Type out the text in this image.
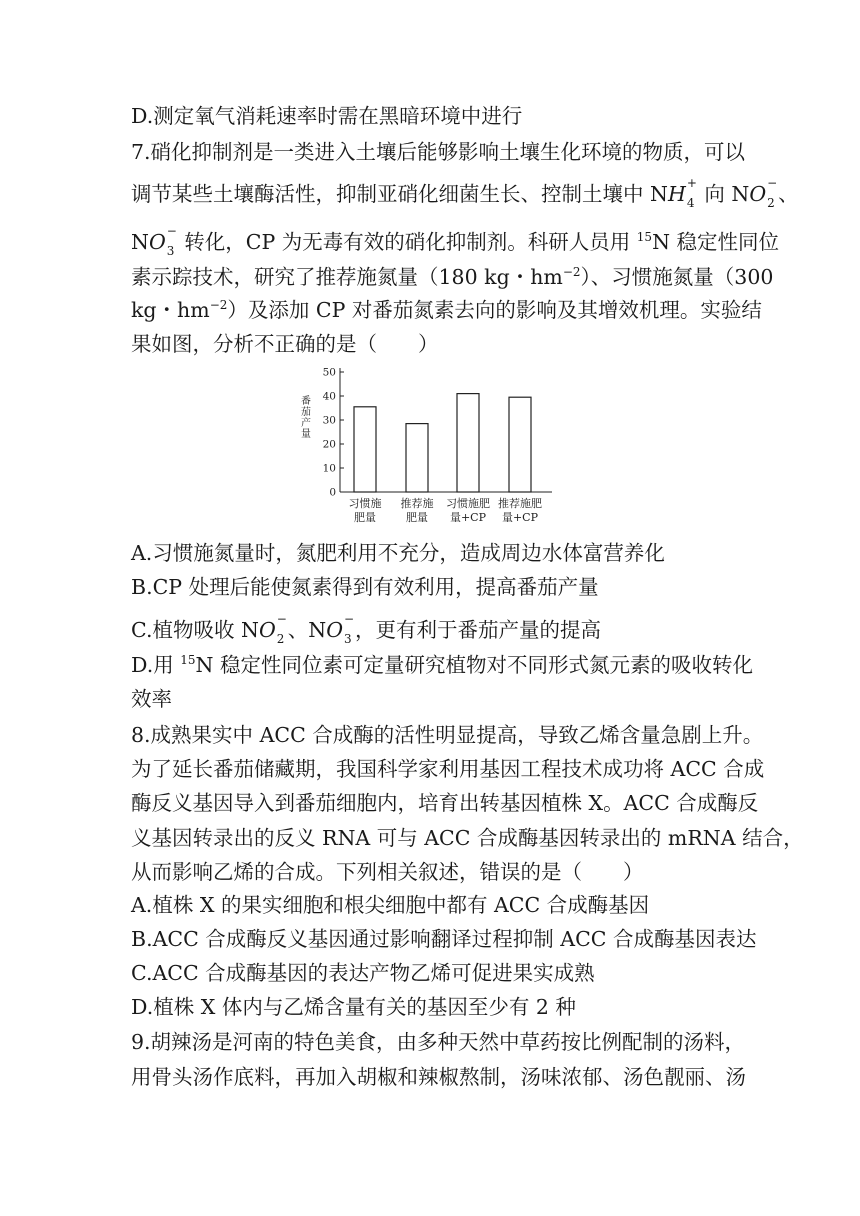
D.测定氧气消耗速率时需在黑暗环境中进行
7.硝化抑制剂是一类进入土壤后能够影响土壤生化环境的物质，可以
调节某些土壤酶活性，抑制亚硝化细菌生长、控制土壤中 NH +
4 向 NO −
2 、
NO −
3 转化，CP 为无毒有效的硝化抑制剂。科研人员用 $^{15}$N 稳定性同位
素示踪技术，研究了推荐施氮量（180 kg・$hm^{-2}$）、习惯施氮量（300
kg・$hm^{-2}$）及添加 CP 对番茄氮素去向的影响及其增效机理。实验结
果如图，分析不正确的是（　　）
番茄产量
50
40
30
20
10
0
习惯施
肥量
推荐施
肥量
习惯施肥
量+CP
推荐施肥
量+CP
A.习惯施氮量时，氮肥利用不充分，造成周边水体富营养化
B.CP 处理后能使氮素得到有效利用，提高番茄产量
C.植物吸收 NO −
2 、NO −
3 ，更有利于番茄产量的提高
D.用 $^{15}$N 稳定性同位素可定量研究植物对不同形式氮元素的吸收转化
效率
8.成熟果实中 ACC 合成酶的活性明显提高，导致乙烯含量急剧上升。
为了延长番茄储藏期，我国科学家利用基因工程技术成功将 ACC 合成
酶反义基因导入到番茄细胞内，培育出转基因植株 X。ACC 合成酶反
义基因转录出的反义 RNA 可与 ACC 合成酶基因转录出的 mRNA 结合，
从而影响乙烯的合成。下列相关叙述，错误的是（　　）
A.植株 X 的果实细胞和根尖细胞中都有 ACC 合成酶基因
B.ACC 合成酶反义基因通过影响翻译过程抑制 ACC 合成酶基因表达
C.ACC 合成酶基因的表达产物乙烯可促进果实成熟
D.植株 X 体内与乙烯含量有关的基因至少有 2 种
9.胡辣汤是河南的特色美食，由多种天然中草药按比例配制的汤料，
用骨头汤作底料，再加入胡椒和辣椒熬制，汤味浓郁、汤色靓丽、汤
